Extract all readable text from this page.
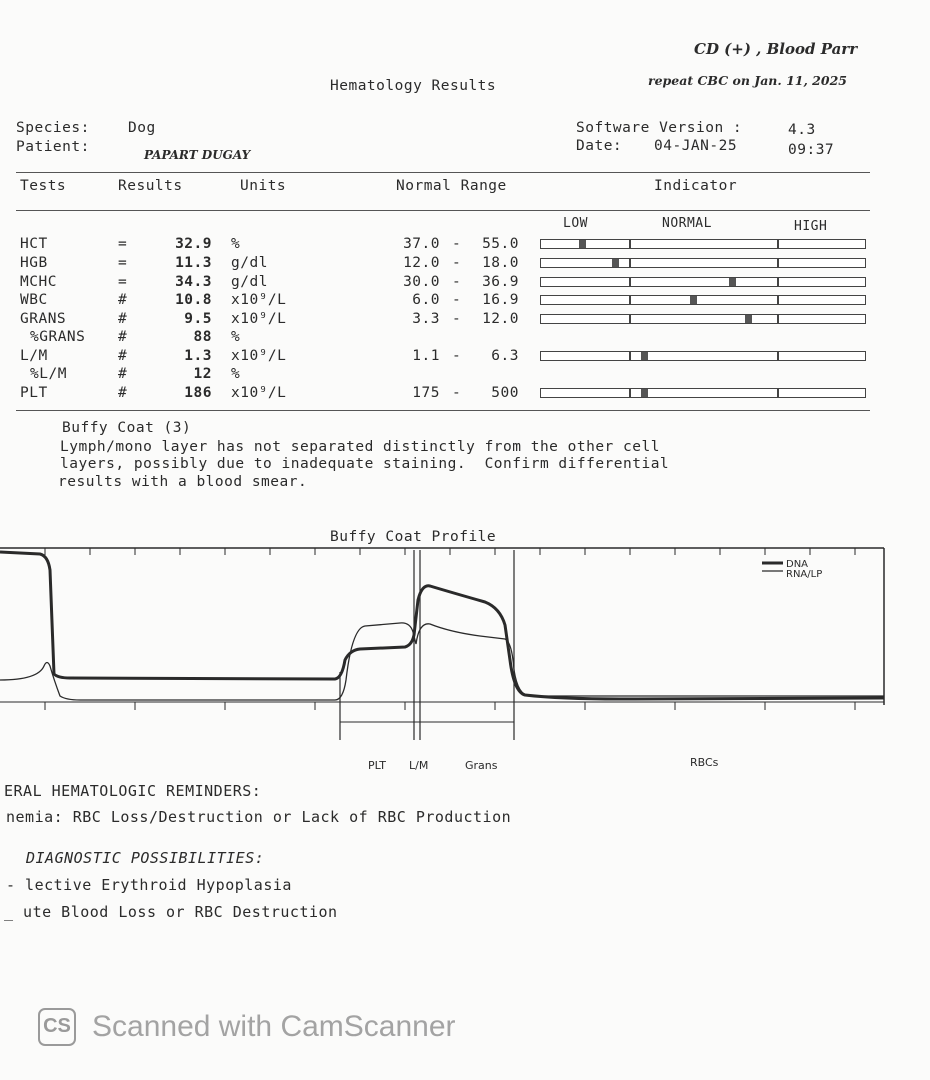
CD (+) , Blood Parr
repeat CBC on Jan. 11, 2025
Hematology Results
Species:	Dog
Patient:	PAPART DUGAY
Software Version :	4.3
Date: 04-JAN-25	09:37
Tests	Results	Units	Normal Range	Indicator
LOW	NORMAL	HIGH
HCT	=	32.9 %	37.0 - 55.0
HGB	=	11.3 g/dl	12.0 - 18.0
MCHC	=	34.3 g/dl	30.0 - 36.9
WBC	#	10.8 x10⁹/L	6.0 - 16.9
GRANS	#	9.5 x10⁹/L	3.3 - 12.0
%GRANS #	88 %
L/M	#	1.3 x10⁹/L	1.1 - 6.3
%L/M	#	12 %
PLT	#	186 x10⁹/L	175 - 500
Buffy Coat (3)
Lymph/mono layer has not separated distinctly from the other cell
layers, possibly due to inadequate staining.  Confirm differential
results with a blood smear.
Buffy Coat Profile
DNA
RNA/LP
PLT L/M	Grans	RBCs
ERAL HEMATOLOGIC REMINDERS:
nemia: RBC Loss/Destruction or Lack of RBC Production
DIAGNOSTIC POSSIBILITIES:
- lective Erythroid Hypoplasia
_ ute Blood Loss or RBC Destruction
CS Scanned with CamScanner
